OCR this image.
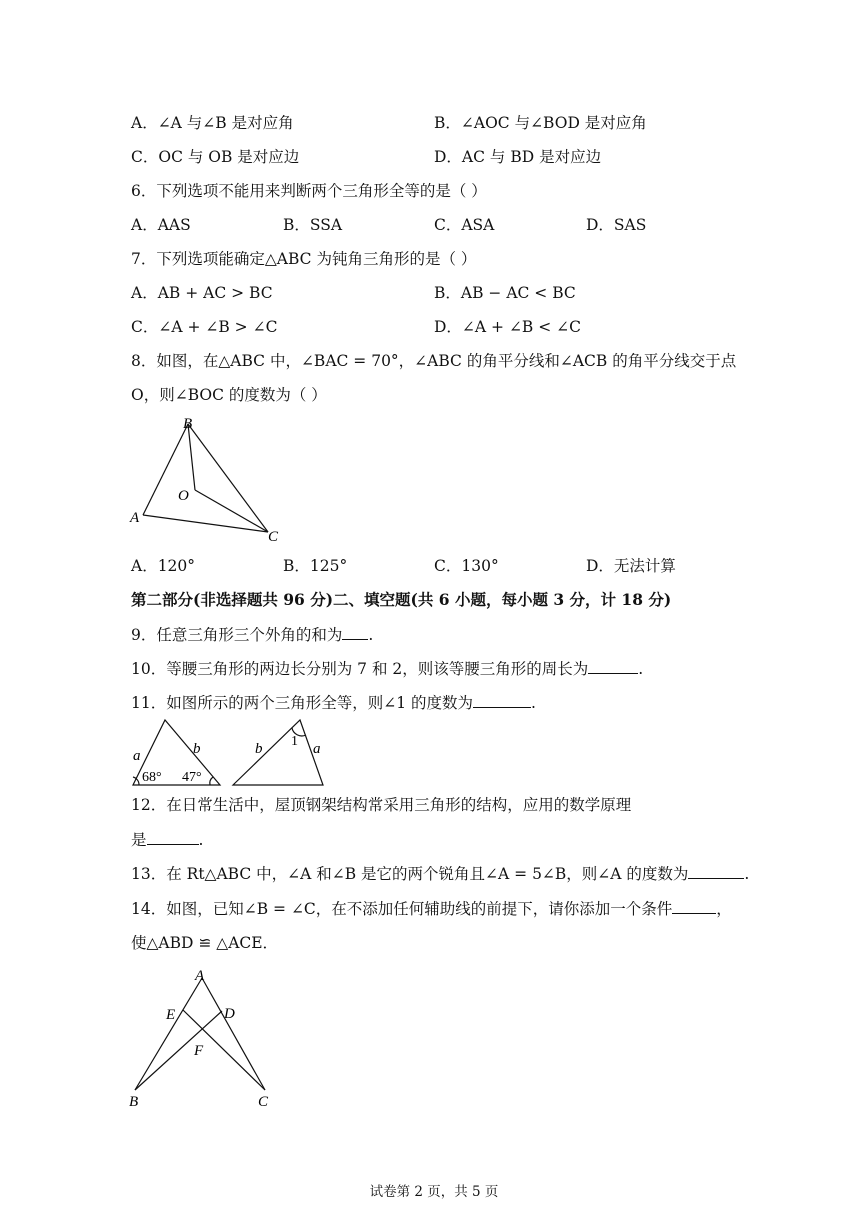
A．∠A 与∠B 是对应角	B．∠AOC 与∠BOD 是对应角
C．OC 与 OB 是对应边	D．AC 与 BD 是对应边
6．下列选项不能用来判断两个三角形全等的是（ ）
A．AAS	B．SSA	C．ASA	D．SAS
7．下列选项能确定△ABC 为钝角三角形的是（ ）
A．AB + AC > BC	B．AB − AC < BC
C．∠A + ∠B > ∠C	D．∠A + ∠B < ∠C
8．如图，在△ABC 中，∠BAC = 70°，∠ABC 的角平分线和∠ACB 的角平分线交于点
O，则∠BOC 的度数为（ ）
B
A
C
O
A．120°	B．125°	C．130°	D．无法计算
第二部分(非选择题共 96 分)二、填空题(共 6 小题，每小题 3 分，计 18 分)
9．任意三角形三个外角的和为 .
10．等腰三角形的两边长分别为 7 和 2，则该等腰三角形的周长为	.
11．如图所示的两个三角形全等，则∠1 的度数为	.
a	b
68° 47°
b 1 a
12．在日常生活中，屋顶钢架结构常采用三角形的结构，应用的数学原理
是	.
13．在 Rt△ABC 中，∠A 和∠B 是它的两个锐角且∠A = 5∠B，则∠A 的度数为	.
14．如图，已知∠B = ∠C，在不添加任何辅助线的前提下，请你添加一个条件	，
使△ABD ≌ △ACE．
A
E	D
F
B	C
试卷第 2 页，共 5 页
